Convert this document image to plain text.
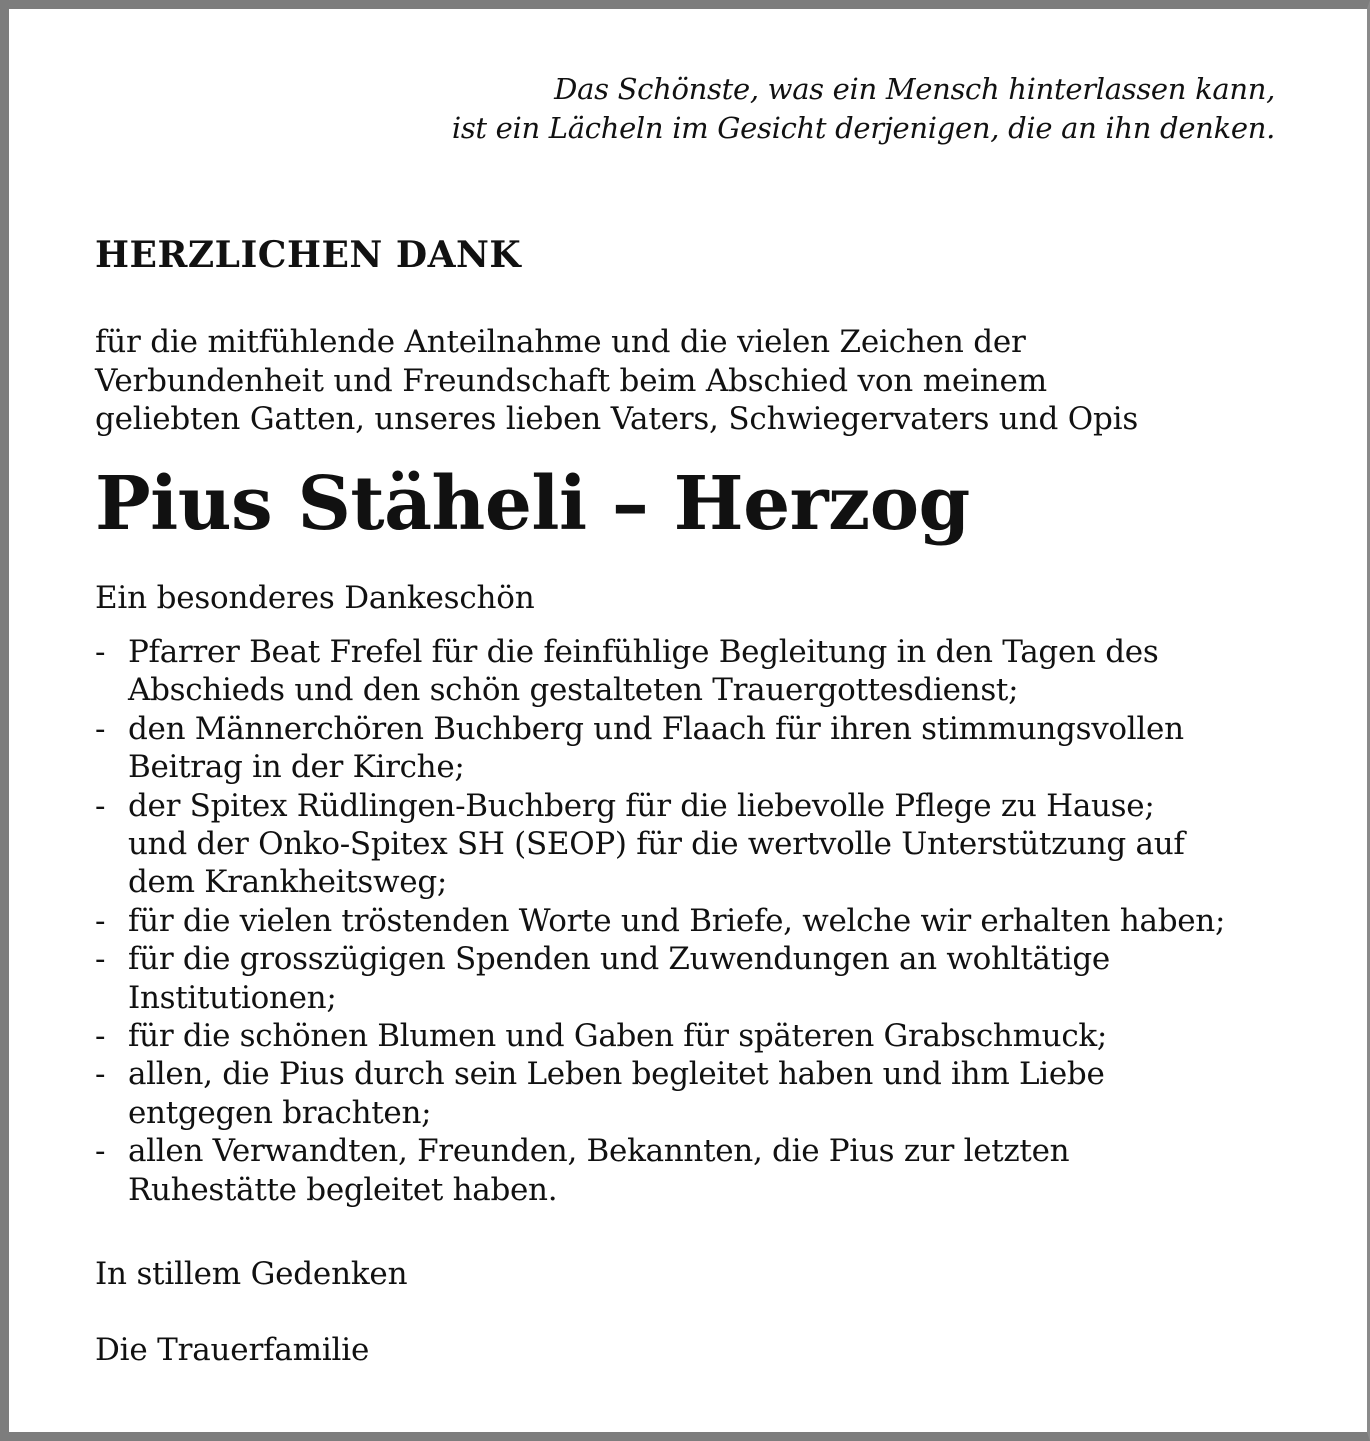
Das Schönste, was ein Mensch hinterlassen kann,
ist ein Lächeln im Gesicht derjenigen, die an ihn denken.
HERZLICHEN DANK
für die mitfühlende Anteilnahme und die vielen Zeichen der
Verbundenheit und Freundschaft beim Abschied von meinem
geliebten Gatten, unseres lieben Vaters, Schwiegervaters und Opis
Pius Stäheli – Herzog
Ein besonderes Dankeschön
- Pfarrer Beat Frefel für die feinfühlige Begleitung in den Tagen des
Abschieds und den schön gestalteten Trauergottesdienst;
- den Männerchören Buchberg und Flaach für ihren stimmungsvollen
Beitrag in der Kirche;
- der Spitex Rüdlingen-Buchberg für die liebevolle Pflege zu Hause;
und der Onko-Spitex SH (SEOP) für die wertvolle Unterstützung auf
dem Krankheitsweg;
- für die vielen tröstenden Worte und Briefe, welche wir erhalten haben;
- für die grosszügigen Spenden und Zuwendungen an wohltätige
Institutionen;
- für die schönen Blumen und Gaben für späteren Grabschmuck;
- allen, die Pius durch sein Leben begleitet haben und ihm Liebe
entgegen brachten;
- allen Verwandten, Freunden, Bekannten, die Pius zur letzten
Ruhestätte begleitet haben.
In stillem Gedenken
Die Trauerfamilie
